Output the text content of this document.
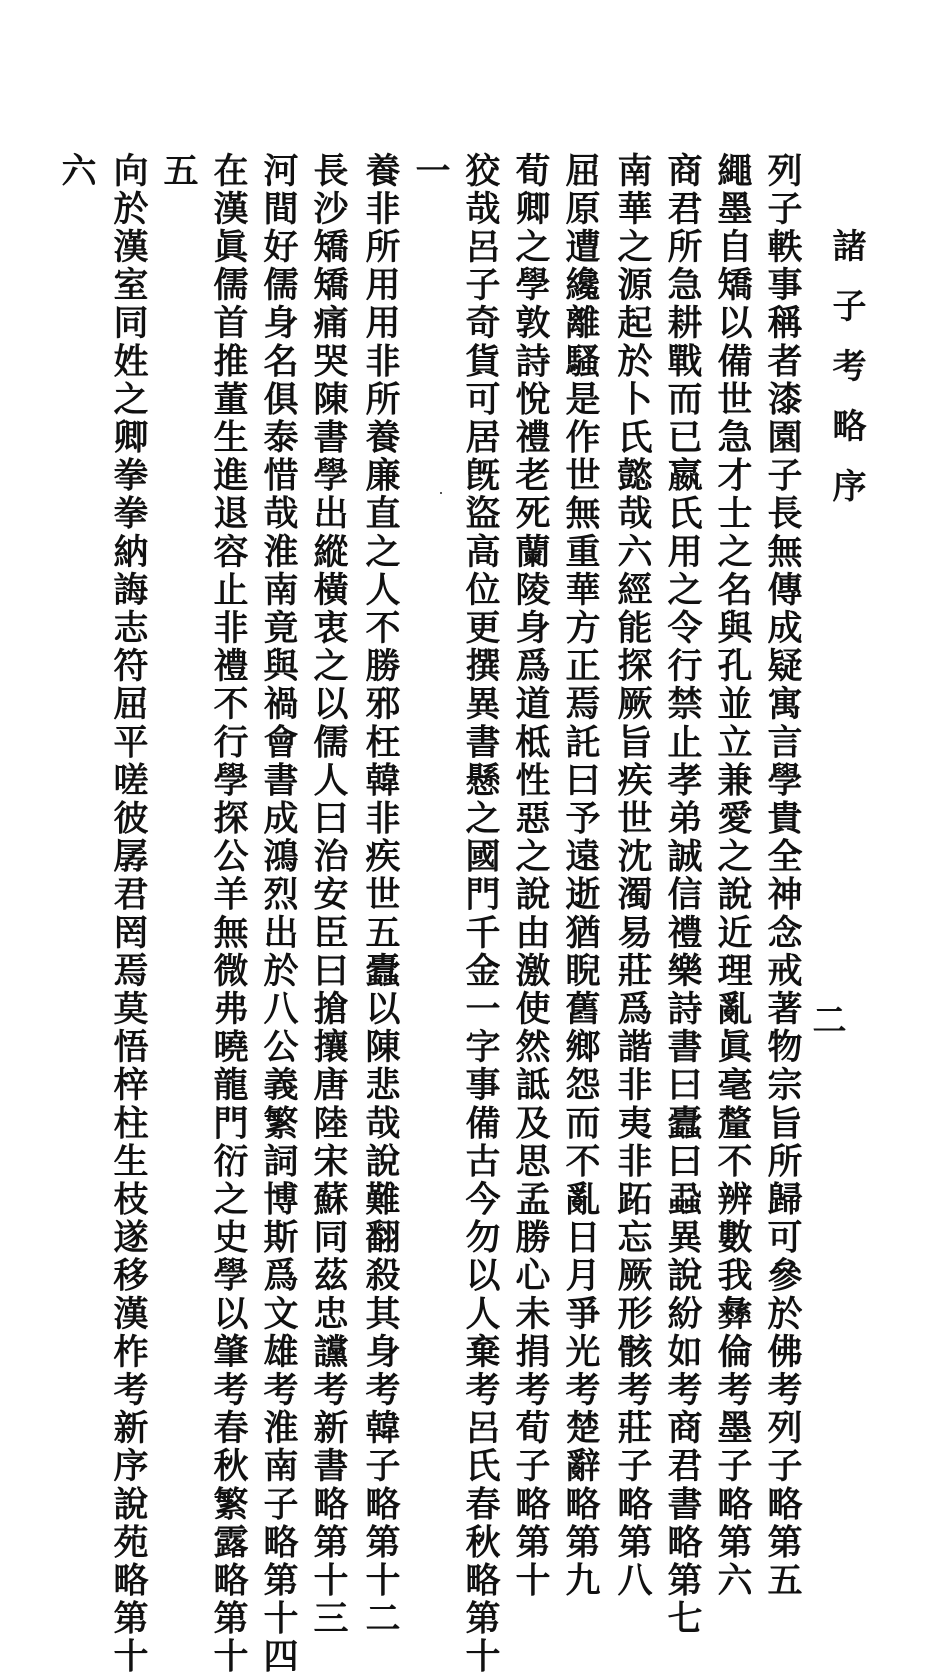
諸子考略序
二
列子軼事稱者漆園子長無傳成疑寓言學貴全神念戒著物宗旨所歸可參於佛考列子略第五
繩墨自矯以備世急才士之名與孔並立兼愛之說近理亂眞毫釐不辨數我彝倫考墨子略第六
商君所急耕戰而已嬴氏用之令行禁止孝弟誠信禮樂詩書曰蠹曰蝨異說紛如考商君書略第七
南華之源起於卜氏懿哉六經能探厥旨疾世沈濁易莊爲諧非夷非跖忘厥形骸考莊子略第八
屈原遭纔離騷是作世無重華方正焉託曰予遠逝猶睨舊鄉怨而不亂日月爭光考楚辭略第九
荀卿之學敦詩悅禮老死蘭陵身爲道柢性惡之說由激使然詆及思孟勝心未捐考荀子略第十
狡哉呂子奇貨可居旣盜高位更撰異書懸之國門千金一字事備古今勿以人棄考呂氏春秋略第十
一
養非所用用非所養廉直之人不勝邪枉韓非疾世五蠹以陳悲哉說難翻殺其身考韓子略第十二
長沙矯矯痛哭陳書學出縱橫衷之以儒人曰治安臣曰搶攘唐陸宋蘇同茲忠讜考新書略第十三
河間好儒身名俱泰惜哉淮南竟與禍會書成鴻烈出於八公義繁詞博斯爲文雄考淮南子略第十四
在漢眞儒首推董生進退容止非禮不行學探公羊無微弗曉龍門衍之史學以肇考春秋繁露略第十
五
向於漢室同姓之卿拳拳納誨志符屈平嗟彼孱君罔焉莫悟梓柱生枝遂移漢柞考新序說苑略第十
六
